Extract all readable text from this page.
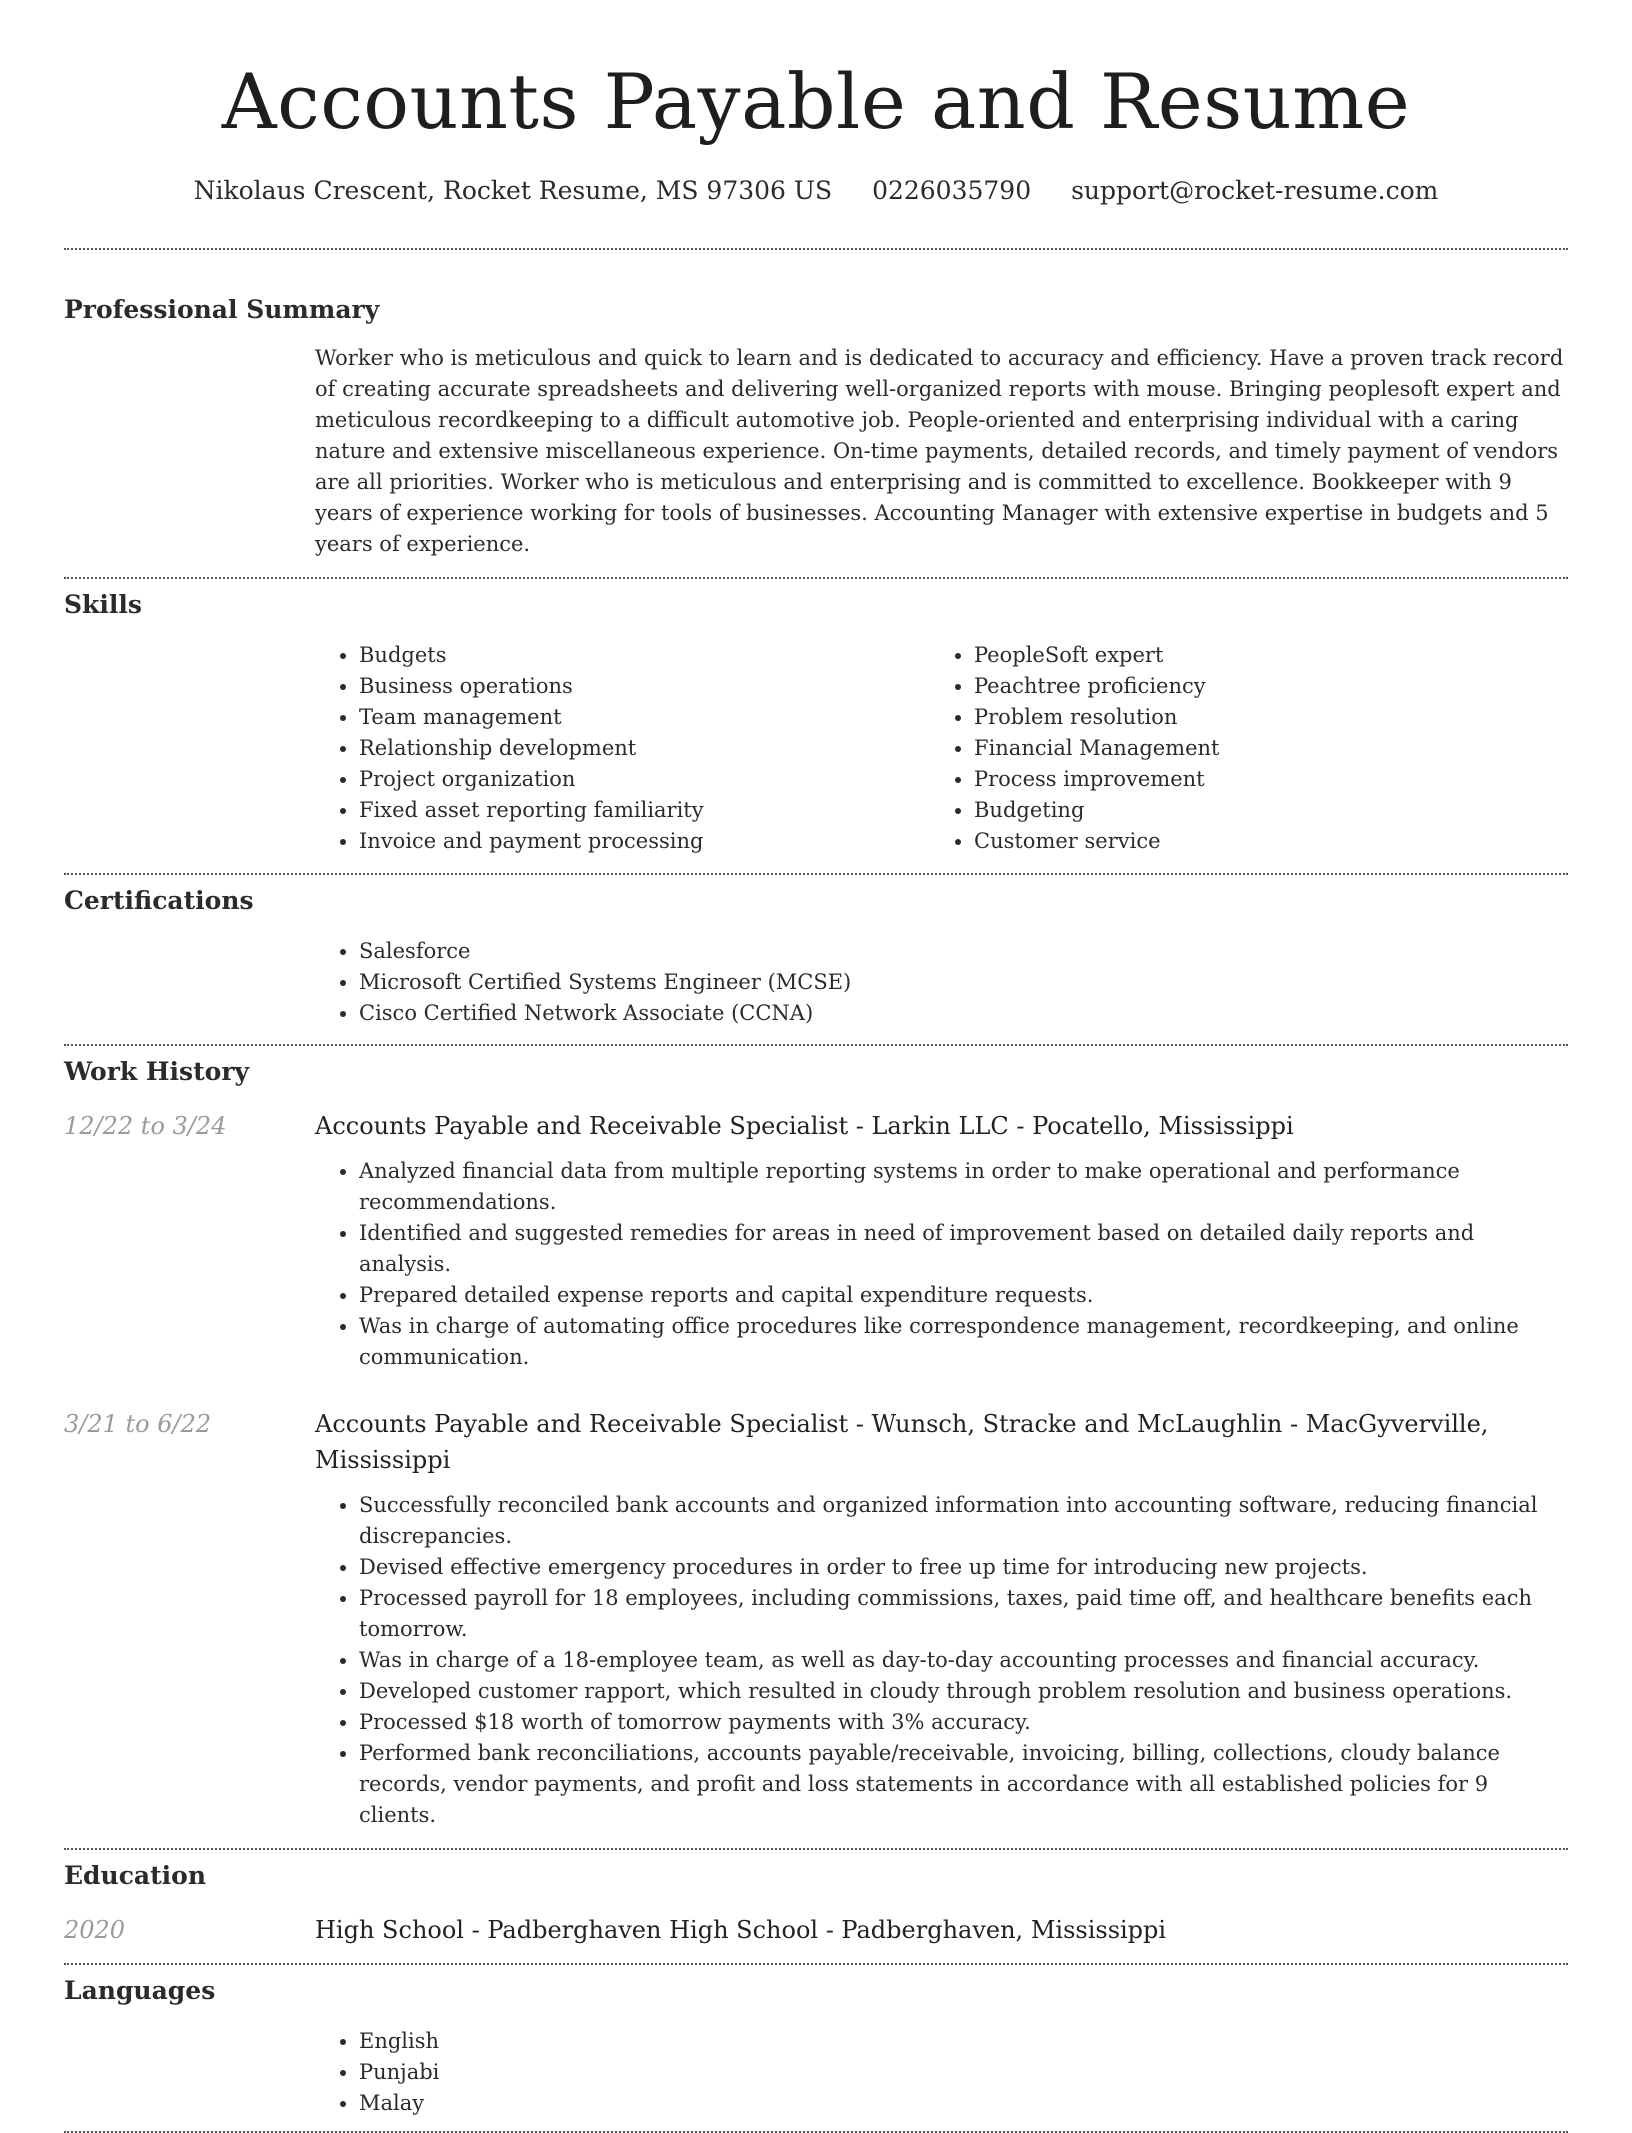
Accounts Payable and Resume
Nikolaus Crescent, Rocket Resume, MS 97306 US 0226035790 support@rocket-resume.com
Professional Summary

Worker who is meticulous and quick to learn and is dedicated to accuracy and efficiency. Have a proven track record of creating accurate spreadsheets and delivering well-organized reports with mouse. Bringing peoplesoft expert and meticulous recordkeeping to a difficult automotive job. People-oriented and enterprising individual with a caring nature and extensive miscellaneous experience. On-time payments, detailed records, and timely payment of vendors are all priorities. Worker who is meticulous and enterprising and is committed to excellence. Bookkeeper with 9 years of experience working for tools of businesses. Accounting Manager with extensive expertise in budgets and 5 years of experience.

Skills
• Budgets
• Business operations
• Team management
• Relationship development
• Project organization
• Fixed asset reporting familiarity
• Invoice and payment processing
• PeopleSoft expert
• Peachtree proficiency
• Problem resolution
• Financial Management
• Process improvement
• Budgeting
• Customer service
Certifications
• Salesforce
• Microsoft Certified Systems Engineer (MCSE)
• Cisco Certified Network Associate (CCNA)
Work History
12/22 to 3/24	Accounts Payable and Receivable Specialist - Larkin LLC - Pocatello, Mississippi
• Analyzed financial data from multiple reporting systems in order to make operational and performance recommendations.
• Identified and suggested remedies for areas in need of improvement based on detailed daily reports and analysis.
• Prepared detailed expense reports and capital expenditure requests.
• Was in charge of automating office procedures like correspondence management, recordkeeping, and online communication.
3/21 to 6/22	Accounts Payable and Receivable Specialist - Wunsch, Stracke and McLaughlin - MacGyverville, Mississippi
• Successfully reconciled bank accounts and organized information into accounting software, reducing financial discrepancies.
• Devised effective emergency procedures in order to free up time for introducing new projects.
• Processed payroll for 18 employees, including commissions, taxes, paid time off, and healthcare benefits each tomorrow.
• Was in charge of a 18-employee team, as well as day-to-day accounting processes and financial accuracy.
• Developed customer rapport, which resulted in cloudy through problem resolution and business operations.
• Processed $18 worth of tomorrow payments with 3% accuracy.
• Performed bank reconciliations, accounts payable/receivable, invoicing, billing, collections, cloudy balance records, vendor payments, and profit and loss statements in accordance with all established policies for 9 clients.
Education
2020	High School - Padberghaven High School - Padberghaven, Mississippi
Languages
• English
• Punjabi
• Malay
